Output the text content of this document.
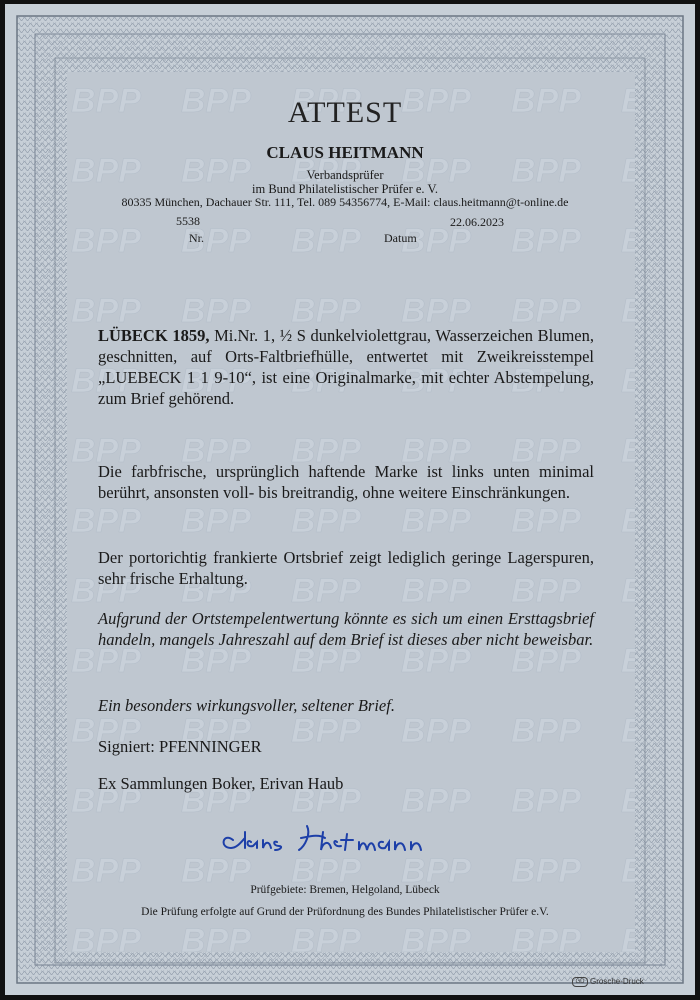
ATTEST
CLAUS HEITMANN
Verbandsprüfer
im Bund Philatelistischer Prüfer e. V.
80335 München, Dachauer Str. 111, Tel. 089 54356774, E-Mail: claus.heitmann@t-online.de
5538
Nr.
22.06.2023
Datum
LÜBECK 1859, Mi.Nr. 1, ½ S dunkelviolettgrau, Wasserzeichen Blumen, geschnitten, auf Orts-Faltbriefhülle, entwertet mit Zweikreisstempel „LUEBECK 1 1 9-10“, ist eine Originalmarke, mit echter Abstempelung, zum Brief gehörend.
Die farbfrische, ursprünglich haftende Marke ist links unten minimal berührt, ansonsten voll- bis breitrandig, ohne weitere Einschränkungen.
Der portorichtig frankierte Ortsbrief zeigt lediglich geringe Lagerspuren, sehr frische Erhaltung.
Aufgrund der Ortstempelentwertung könnte es sich um einen Ersttagsbrief handeln, mangels Jahreszahl auf dem Brief ist dieses aber nicht beweisbar.
Ein besonders wirkungsvoller, seltener Brief.
Signiert: PFENNINGER
Ex Sammlungen Boker, Erivan Haub
Prüfgebiete: Bremen, Helgoland, Lübeck
Die Prüfung erfolgte auf Grund der Prüfordnung des Bundes Philatelistischer Prüfer e.V.
GD Grosche-Druck
